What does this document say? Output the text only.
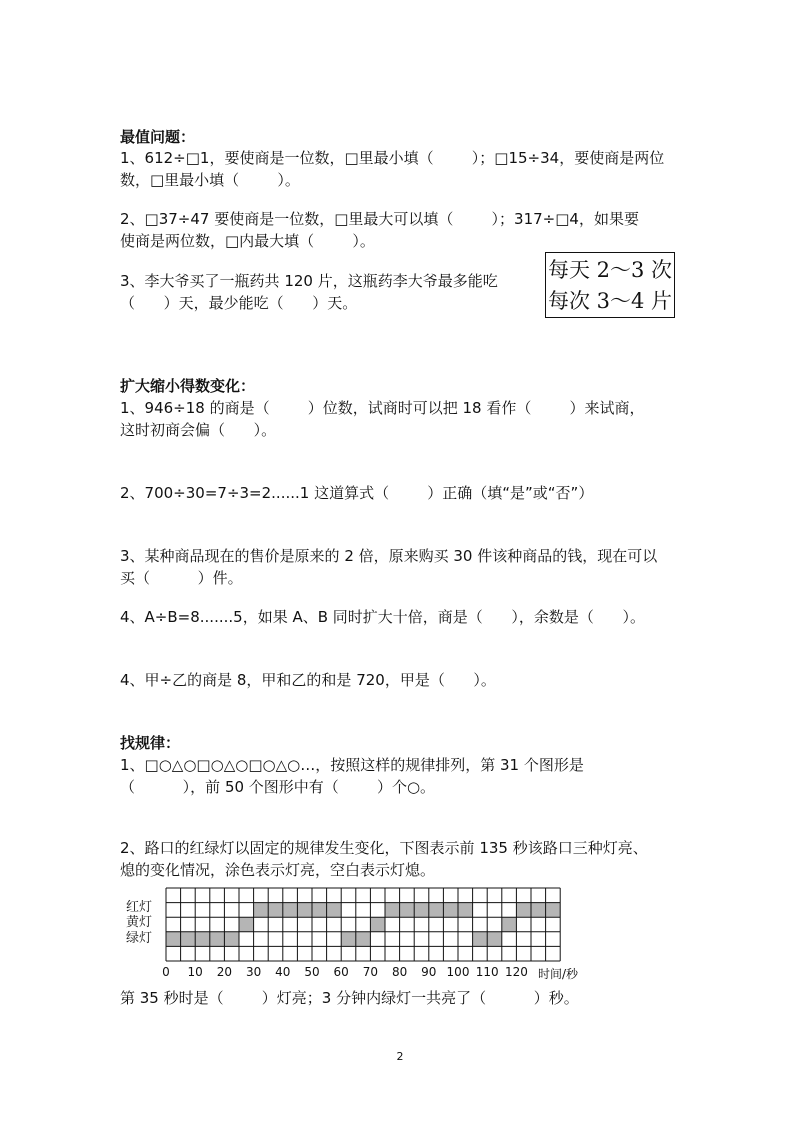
最值问题：
1、612÷□1，要使商是一位数，□里最小填（        ）；□15÷34，要使商是两位
数，□里最小填（        ）。
2、□37÷47 要使商是一位数，□里最大可以填（        ）；317÷□4，如果要
使商是两位数，□内最大填（        ）。
3、李大爷买了一瓶药共 120 片，这瓶药李大爷最多能吃
（      ）天，最少能吃（      ）天。
每天 2～3 次
每次 3～4 片
扩大缩小得数变化：
1、946÷18 的商是（        ）位数，试商时可以把 18 看作（        ）来试商，
这时初商会偏（      ）。
2、700÷30=7÷3=2......1 这道算式（        ）正确（填“是”或“否”）
3、某种商品现在的售价是原来的 2 倍，原来购买 30 件该种商品的钱，现在可以
买（          ）件。
4、A÷B=8.......5，如果 A、B 同时扩大十倍，商是（      ），余数是（      ）。
4、甲÷乙的商是 8，甲和乙的和是 720，甲是（      ）。
找规律：
1、□○△○□○△○□○△○…，按照这样的规律排列，第 31 个图形是
（          ），前 50 个图形中有（        ）个○。
2、路口的红绿灯以固定的规律发生变化，下图表示前 135 秒该路口三种灯亮、
熄的变化情况，涂色表示灯亮，空白表示灯熄。
红灯
黄灯
绿灯
0	10	20	30	40	50	60	70	80	90 100 110 120 时间/秒
第 35 秒时是（        ）灯亮；3 分钟内绿灯一共亮了（          ）秒。
2
